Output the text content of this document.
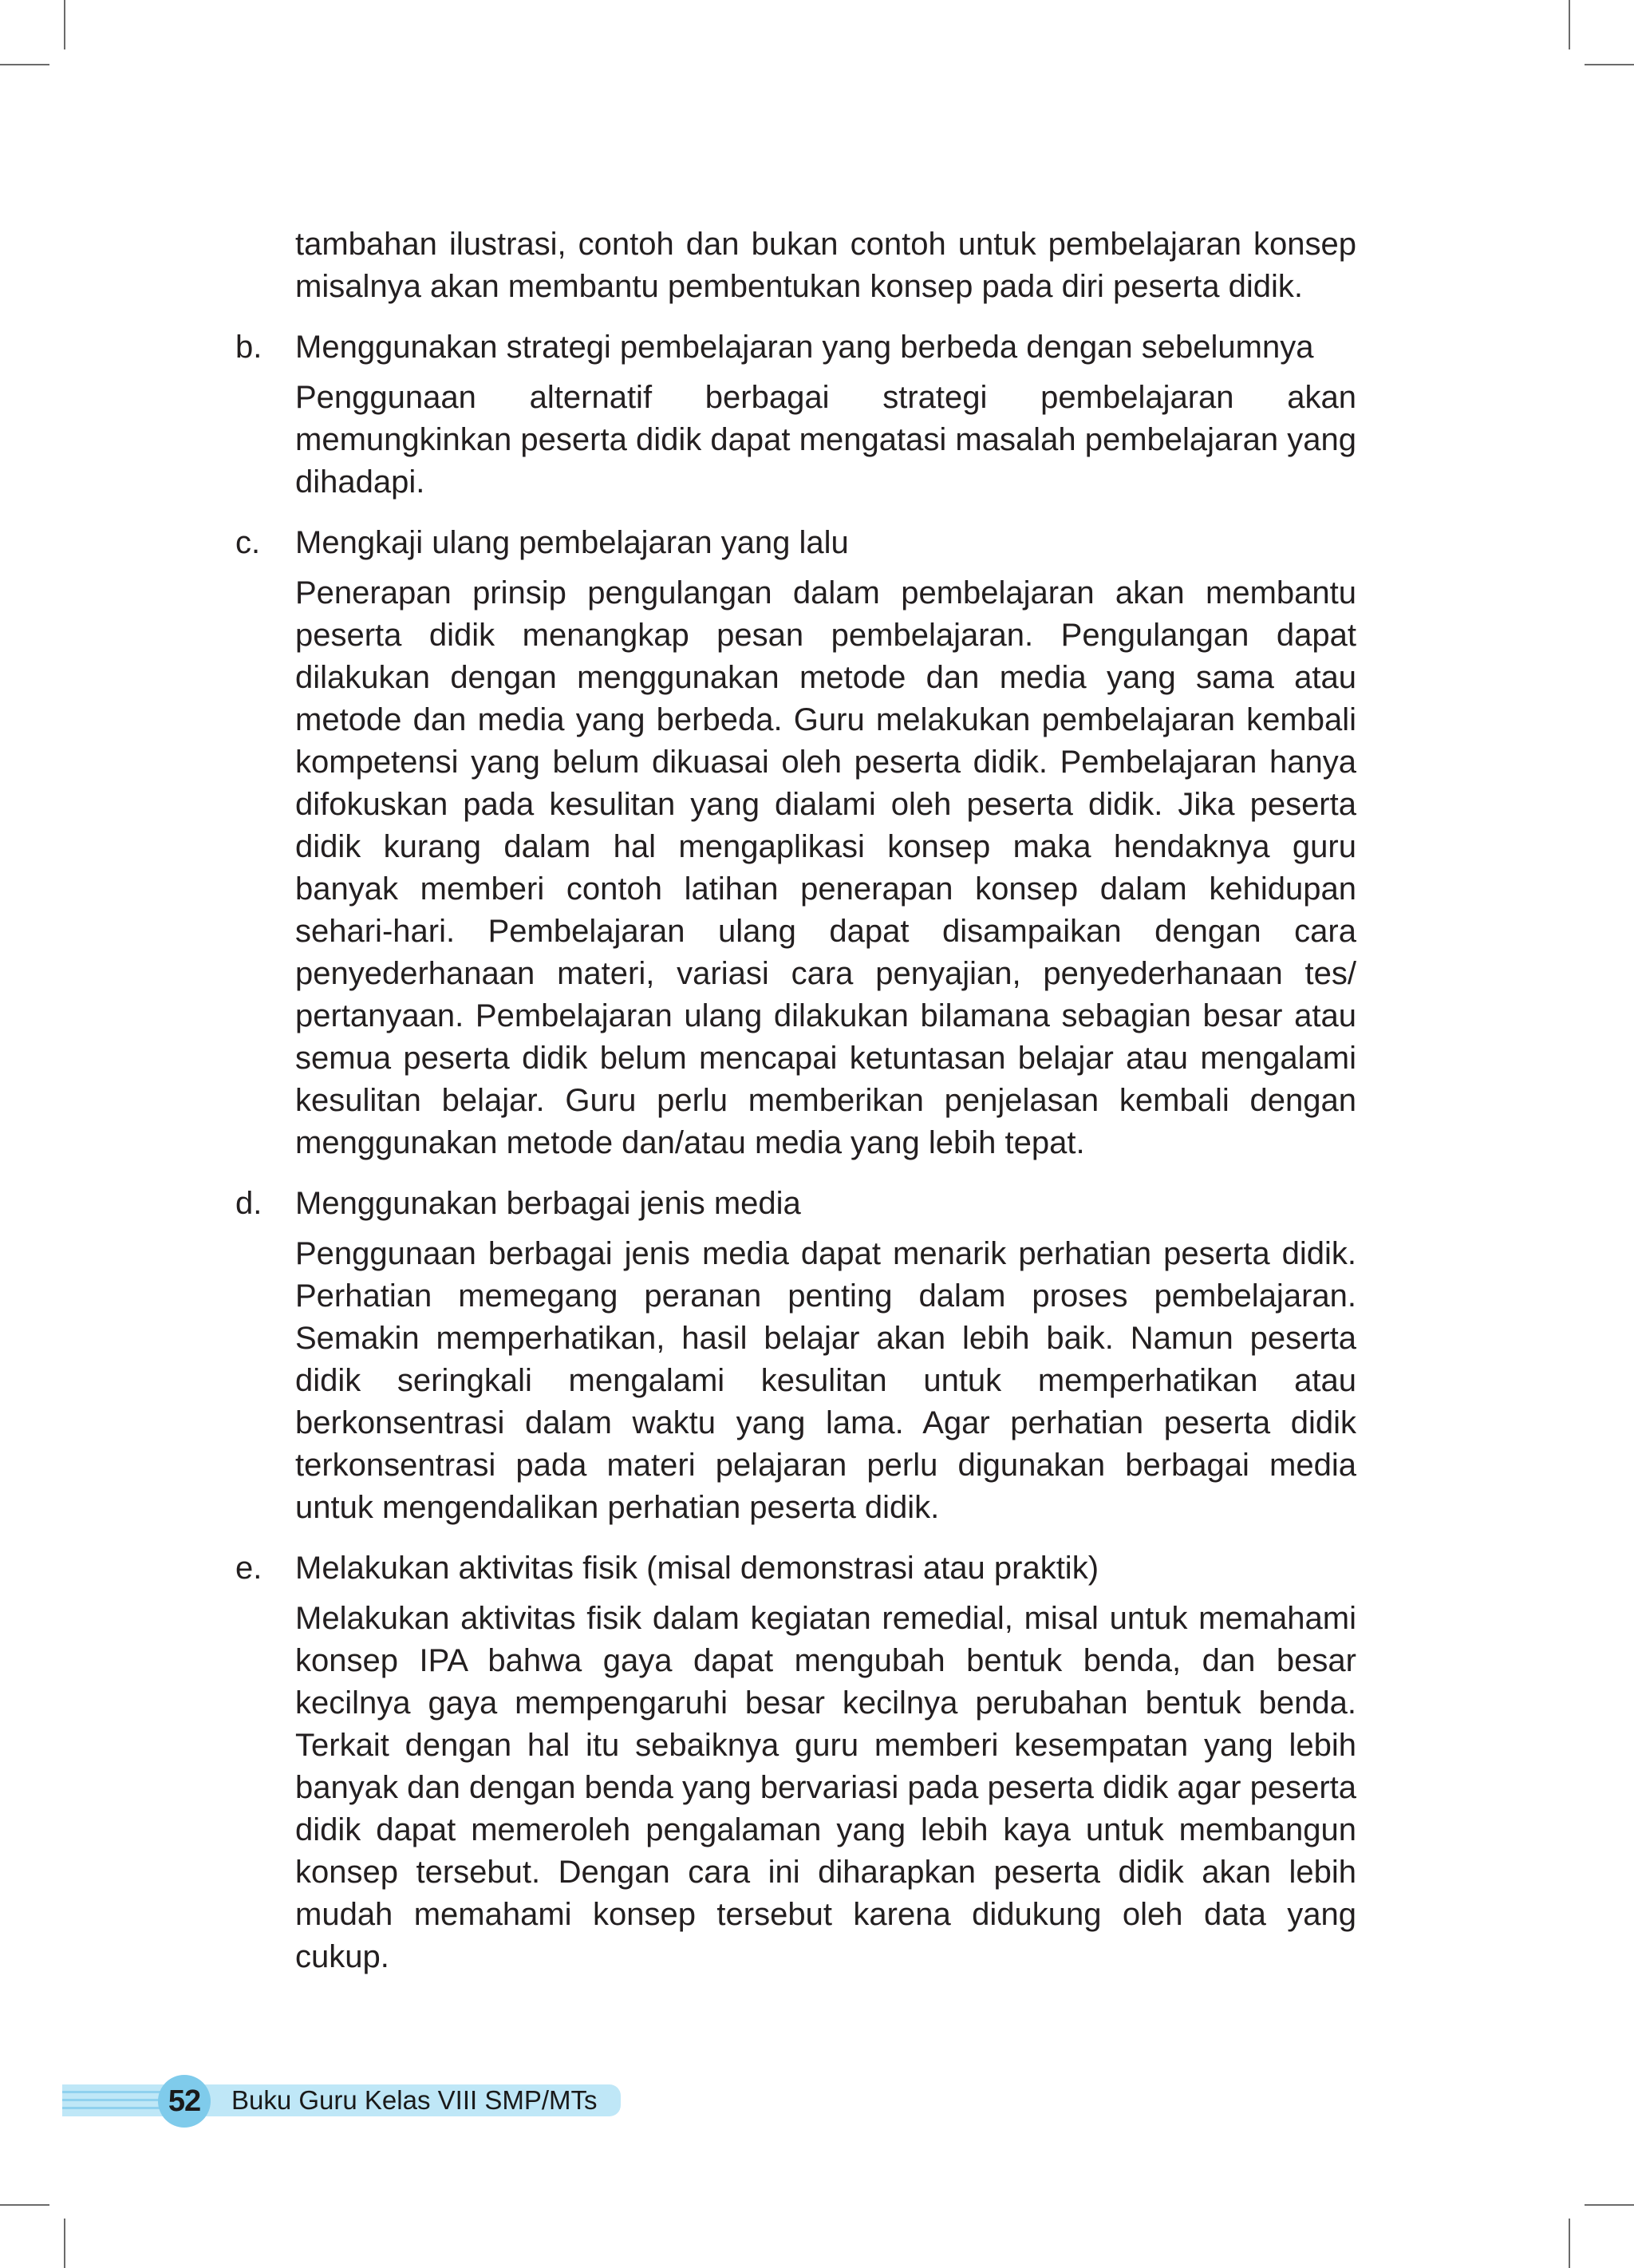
tambahan ilustrasi, contoh dan bukan contoh untuk pembelajaran konsep misalnya akan membantu pembentukan konsep pada diri peserta didik.

b. Menggunakan strategi pembelajaran yang berbeda dengan sebelumnya

Penggunaan alternatif berbagai strategi pembelajaran akan memungkinkan peserta didik dapat mengatasi masalah pembelajaran yang dihadapi.

c. Mengkaji ulang pembelajaran yang lalu

Penerapan prinsip pengulangan dalam pembelajaran akan membantu peserta didik menangkap pesan pembelajaran. Pengulangan dapat dilakukan dengan menggunakan metode dan media yang sama atau metode dan media yang berbeda. Guru melakukan pembelajaran kembali kompetensi yang belum dikuasai oleh peserta didik. Pembelajaran hanya difokuskan pada kesulitan yang dialami oleh peserta didik. Jika peserta didik kurang dalam hal mengaplikasi konsep maka hendaknya guru banyak memberi contoh latihan penerapan konsep dalam kehidupan sehari-hari. Pembelajaran ulang dapat disampaikan dengan cara penyederhanaan materi, variasi cara penyajian, penyederhanaan tes/ pertanyaan. Pembelajaran ulang dilakukan bilamana sebagian besar atau semua peserta didik belum mencapai ketuntasan belajar atau mengalami kesulitan belajar. Guru perlu memberikan penjelasan kembali dengan menggunakan metode dan/atau media yang lebih tepat.

d. Menggunakan berbagai jenis media

Penggunaan berbagai jenis media dapat menarik perhatian peserta didik. Perhatian memegang peranan penting dalam proses pembelajaran. Semakin memperhatikan, hasil belajar akan lebih baik. Namun peserta didik seringkali mengalami kesulitan untuk memperhatikan atau berkonsentrasi dalam waktu yang lama. Agar perhatian peserta didik terkonsentrasi pada materi pelajaran perlu digunakan berbagai media untuk mengendalikan perhatian peserta didik.

e. Melakukan aktivitas fisik (misal demonstrasi atau praktik)

Melakukan aktivitas fisik dalam kegiatan remedial, misal untuk memahami konsep IPA bahwa gaya dapat mengubah bentuk benda, dan besar kecilnya gaya mempengaruhi besar kecilnya perubahan bentuk benda. Terkait dengan hal itu sebaiknya guru memberi kesempatan yang lebih banyak dan dengan benda yang bervariasi pada peserta didik agar peserta didik dapat memeroleh pengalaman yang lebih kaya untuk membangun konsep tersebut. Dengan cara ini diharapkan peserta didik akan lebih mudah memahami konsep tersebut karena didukung oleh data yang cukup.

52	Buku Guru Kelas VIII SMP/MTs
